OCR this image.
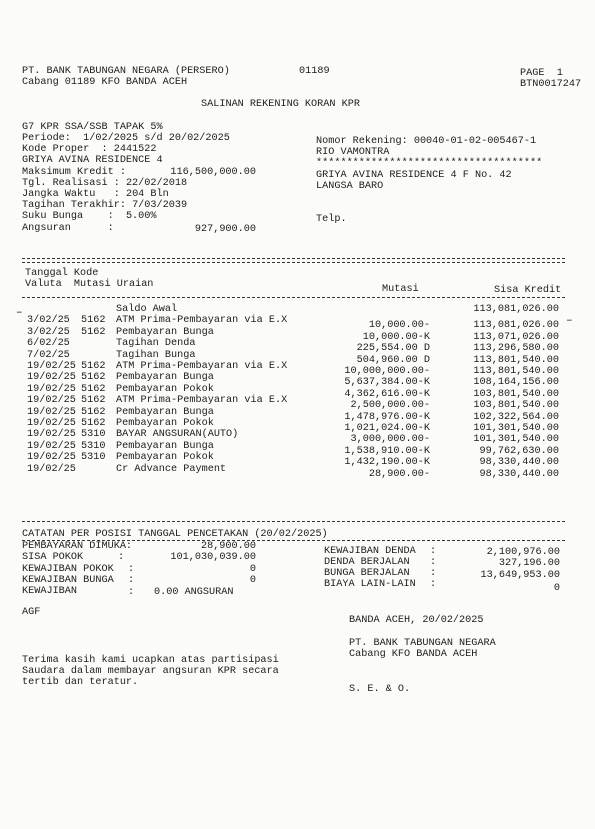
PT. BANK TABUNGAN NEGARA (PERSERO)
Cabang 01189 KFO BANDA ACEH
01189	PAGE 1
BTN0017247
SALINAN REKENING KORAN KPR
G7 KPR SSA/SSB TAPAK 5%
Periode:  1/02/2025 s/d 20/02/2025
Kode Proper  : 2441522
GRIYA AVINA RESIDENCE 4
Maksimum Kredit :	116,500,000.00
Tgl. Realisasi : 22/02/2018
Jangka Waktu   : 204 Bln
Tagihan Terakhir: 7/03/2039
Suku Bunga    :  5.00%
Angsuran      :	927,900.00
Nomor Rekening: 00040-01-02-005467-1
RIO VAMONTRA
*************************************
GRIYA AVINA RESIDENCE 4 F No. 42
LANGSA BARO
Telp.
Tanggal Kode
Valuta Mutasi Uraian	Mutasi	Sisa Kredit
–
–
Saldo Awal	113,081,026.00
3/02/25 5162 ATM Prima-Pembayaran via E.X	10,000.00-	113,081,026.00
3/02/25 5162 Pembayaran Bunga	10,000.00-K	113,071,026.00
6/02/25	Tagihan Denda	225,554.00 D	113,296,580.00
7/02/25	Tagihan Bunga	504,960.00 D	113,801,540.00
19/02/25 5162 ATM Prima-Pembayaran via E.X	10,000,000.00-	113,801,540.00
19/02/25 5162 Pembayaran Bunga	5,637,384.00-K	108,164,156.00
19/02/25 5162 Pembayaran Pokok	4,362,616.00-K	103,801,540.00
19/02/25 5162 ATM Prima-Pembayaran via E.X	2,500,000.00-	103,801,540.00
19/02/25 5162 Pembayaran Bunga	1,478,976.00-K	102,322,564.00
19/02/25 5162 Pembayaran Pokok	1,021,024.00-K	101,301,540.00
19/02/25 5310 BAYAR ANGSURAN(AUTO)	3,000,000.00-	101,301,540.00
19/02/25 5310 Pembayaran Bunga	1,538,910.00-K	99,762,630.00
19/02/25 5310 Pembayaran Pokok	1,432,190.00-K	98,330,440.00
19/02/25	Cr Advance Payment	28,900.00-	98,330,440.00
CATATAN PER POSISI TANGGAL PENCETAKAN (20/02/2025)
PEMBAYARAN DIMUKA:	28,900.00
SISA POKOK	:	101,030,039.00
KEWAJIBAN POKOK :	0
KEWAJIBAN BUNGA :	0
KEWAJIBAN	: 0.00 ANGSURAN
KEWAJIBAN DENDA :	2,100,976.00
DENDA BERJALAN :	327,196.00
BUNGA BERJALAN :	13,649,953.00
BIAYA LAIN-LAIN :	0
AGF
BANDA ACEH, 20/02/2025
PT. BANK TABUNGAN NEGARA
Cabang KFO BANDA ACEH
Terima kasih kami ucapkan atas partisipasi
Saudara dalam membayar angsuran KPR secara
tertib dan teratur.
S. E. & O.
